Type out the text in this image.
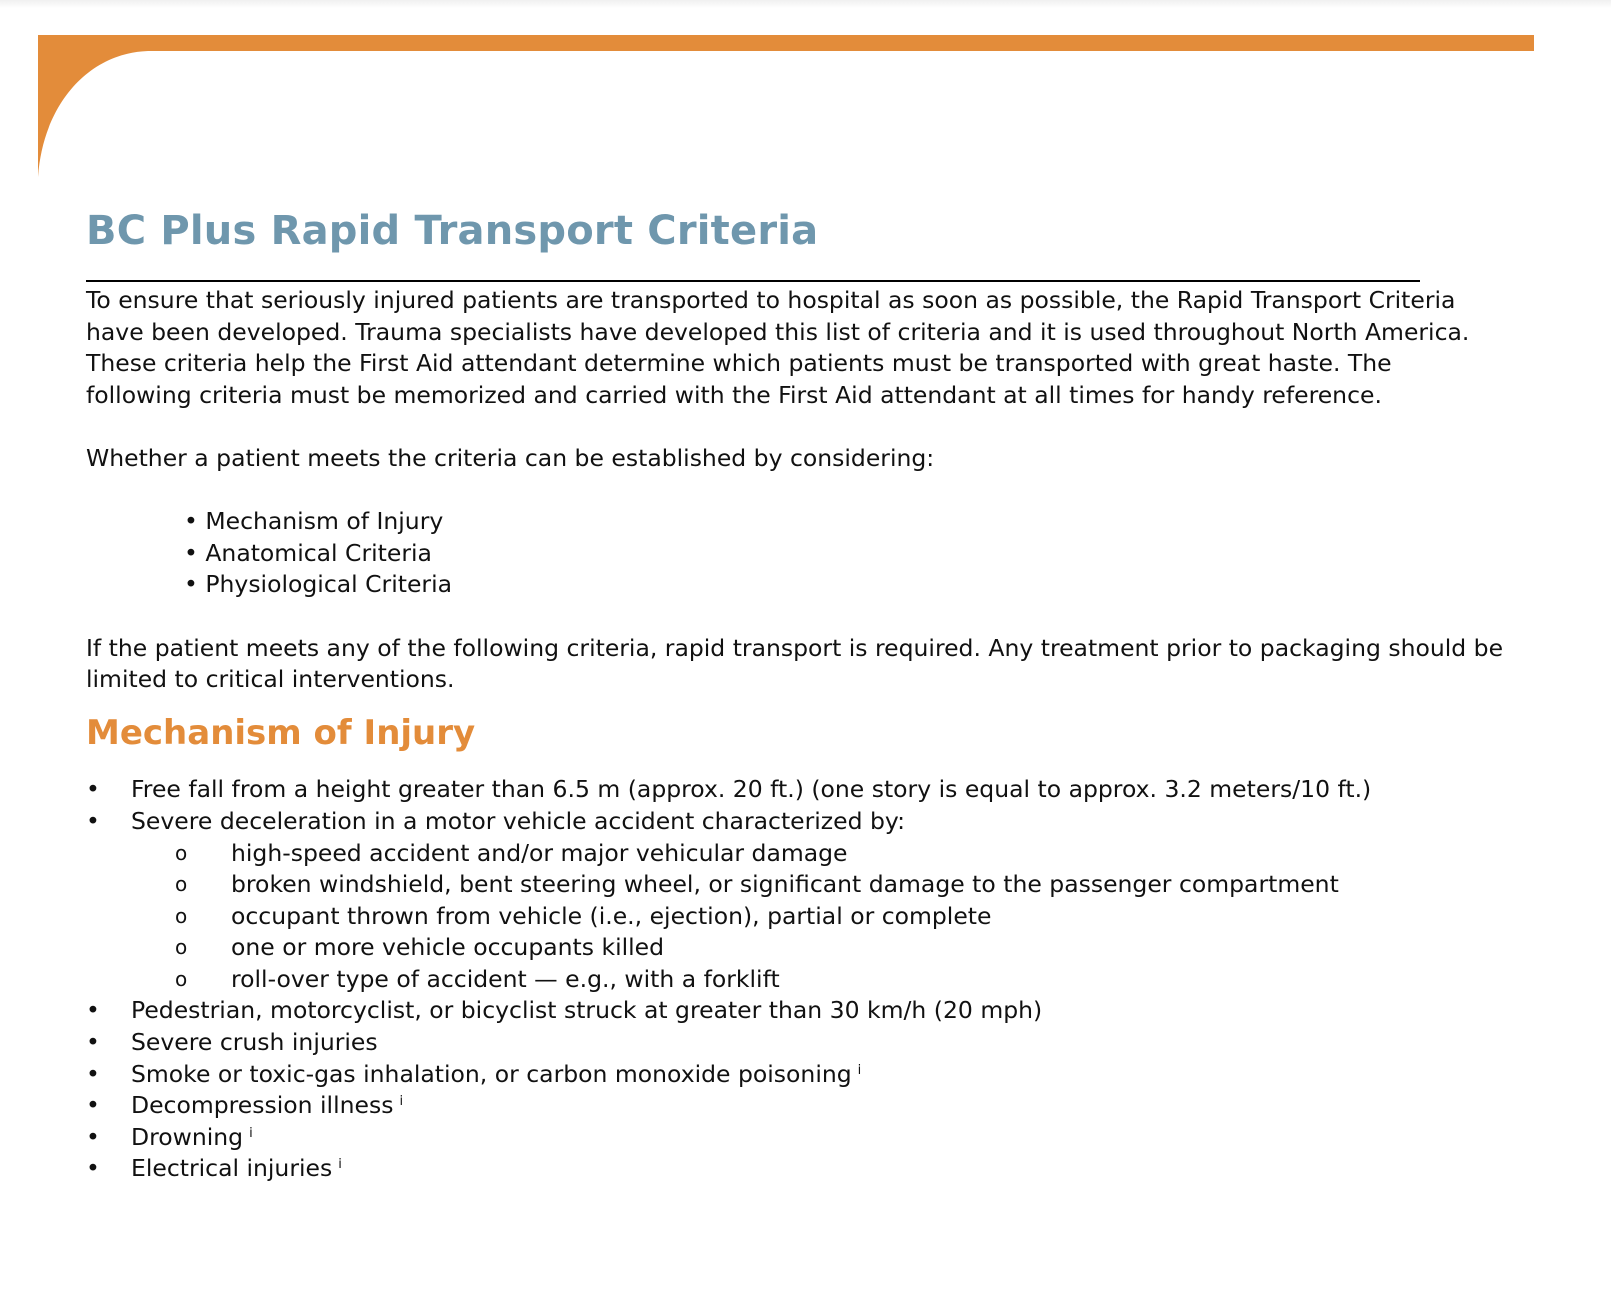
BC Plus Rapid Transport Criteria

To ensure that seriously injured patients are transported to hospital as soon as possible, the Rapid Transport Criteria have been developed. Trauma specialists have developed this list of criteria and it is used throughout North America. These criteria help the First Aid attendant determine which patients must be transported with great haste. The following criteria must be memorized and carried with the First Aid attendant at all times for handy reference.

Whether a patient meets the criteria can be established by considering:

• Mechanism of Injury
• Anatomical Criteria
• Physiological Criteria

If the patient meets any of the following criteria, rapid transport is required. Any treatment prior to packaging should be limited to critical interventions.

Mechanism of Injury
• Free fall from a height greater than 6.5 m (approx. 20 ft.) (one story is equal to approx. 3.2 meters/10 ft.)
• Severe deceleration in a motor vehicle accident characterized by:
o high-speed accident and/or major vehicular damage
o broken windshield, bent steering wheel, or significant damage to the passenger compartment
o occupant thrown from vehicle (i.e., ejection), partial or complete
o one or more vehicle occupants killed
o roll-over type of accident — e.g., with a forklift
• Pedestrian, motorcyclist, or bicyclist struck at greater than 30 km/h (20 mph)
• Severe crush injuries
• Smoke or toxic-gas inhalation, or carbon monoxide poisoning $^i$
• Decompression illness $^i$
• Drowning $^i$
• Electrical injuries $^i$
